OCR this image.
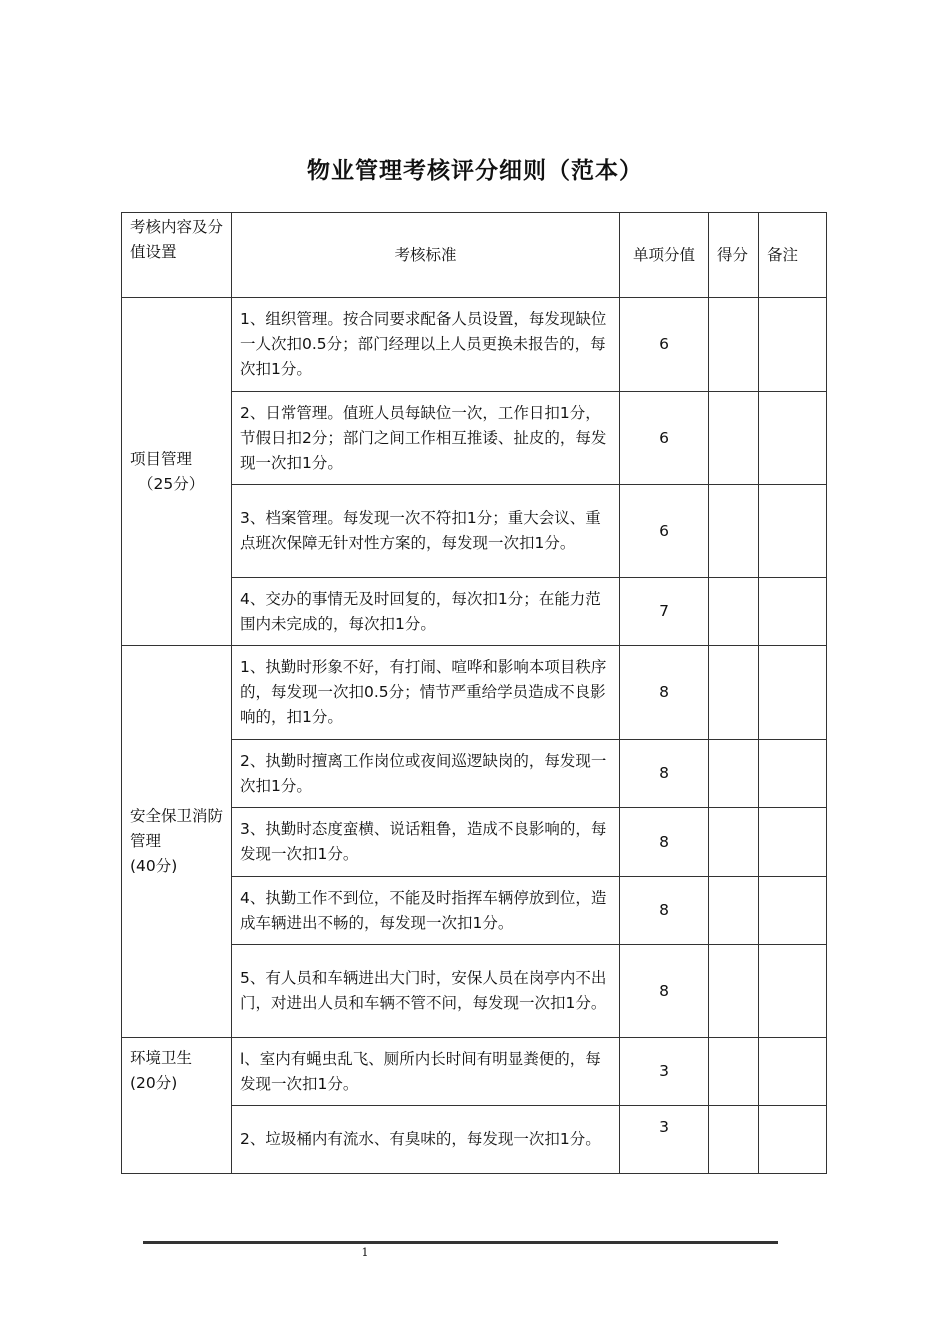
物业管理考核评分细则（范本）
考核内容及分值设置	考核标准	单项分值	得分	备注

项目管理
（25分）	1、组织管理。按合同要求配备人员设置，每发现缺位一人次扣0.5分；部门经理以上人员更换未报告的，每次扣1分。	6		
	2、日常管理。值班人员每缺位一次，工作日扣1分，节假日扣2分；部门之间工作相互推诿、扯皮的，每发现一次扣1分。	6		
	3、档案管理。每发现一次不符扣1分；重大会议、重点班次保障无针对性方案的，每发现一次扣1分。	6		
	4、交办的事情无及时回复的，每次扣1分；在能力范围内未完成的，每次扣1分。	7		

安全保卫消防管理
(40分)	1、执勤时形象不好，有打闹、喧哗和影响本项目秩序的，每发现一次扣0.5分；情节严重给学员造成不良影响的，扣1分。	8		
	2、执勤时擅离工作岗位或夜间巡逻缺岗的，每发现一次扣1分。	8		
	3、执勤时态度蛮横、说话粗鲁，造成不良影响的，每发现一次扣1分。	8		
	4、执勤工作不到位，不能及时指挥车辆停放到位，造成车辆进出不畅的，每发现一次扣1分。	8		
	5、有人员和车辆进出大门时，安保人员在岗亭内不出门，对进出人员和车辆不管不问，每发现一次扣1分。	8		

环境卫生
(20分)	l、室内有蝇虫乱飞、厕所内长时间有明显粪便的，每发现一次扣1分。	3		
	2、垃圾桶内有流水、有臭味的，每发现一次扣1分。	3		
1
